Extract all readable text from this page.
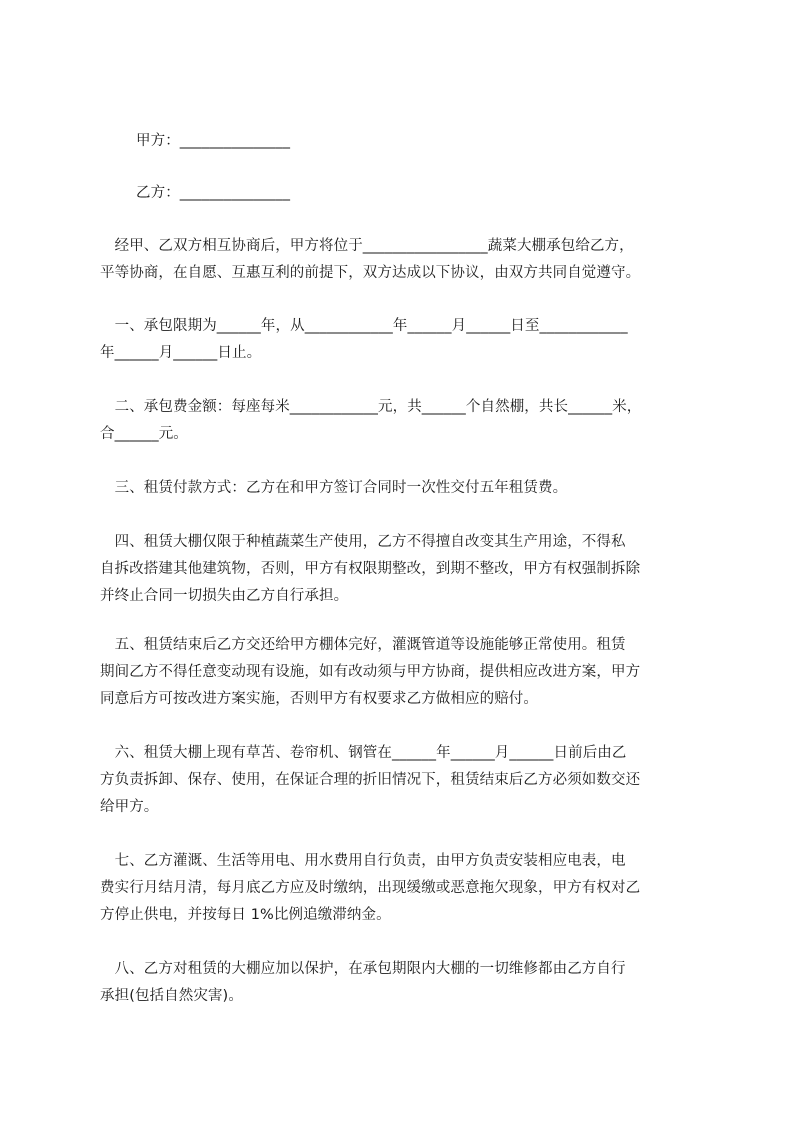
甲方：_______________
乙方：_______________
　经甲、乙双方相互协商后，甲方将位于_________________蔬菜大棚承包给乙方，
平等协商，在自愿、互惠互利的前提下，双方达成以下协议，由双方共同自觉遵守。
　一、承包限期为______年，从____________年______月______日至____________
年______月______日止。
　二、承包费金额：每座每米____________元，共______个自然棚，共长______米，
合______元。
　三、租赁付款方式：乙方在和甲方签订合同时一次性交付五年租赁费。
　四、租赁大棚仅限于种植蔬菜生产使用，乙方不得擅自改变其生产用途，不得私
自拆改搭建其他建筑物，否则，甲方有权限期整改，到期不整改，甲方有权强制拆除
并终止合同一切损失由乙方自行承担。
　五、租赁结束后乙方交还给甲方棚体完好，灌溉管道等设施能够正常使用。租赁
期间乙方不得任意变动现有设施，如有改动须与甲方协商，提供相应改进方案，甲方
同意后方可按改进方案实施，否则甲方有权要求乙方做相应的赔付。
　六、租赁大棚上现有草苫、卷帘机、钢管在______年______月______日前后由乙
方负责拆卸、保存、使用，在保证合理的折旧情况下，租赁结束后乙方必须如数交还
给甲方。
　七、乙方灌溉、生活等用电、用水费用自行负责，由甲方负责安装相应电表，电
费实行月结月清，每月底乙方应及时缴纳，出现缓缴或恶意拖欠现象，甲方有权对乙
方停止供电，并按每日 1%比例追缴滞纳金。
　八、乙方对租赁的大棚应加以保护，在承包期限内大棚的一切维修都由乙方自行
承担(包括自然灾害)。
